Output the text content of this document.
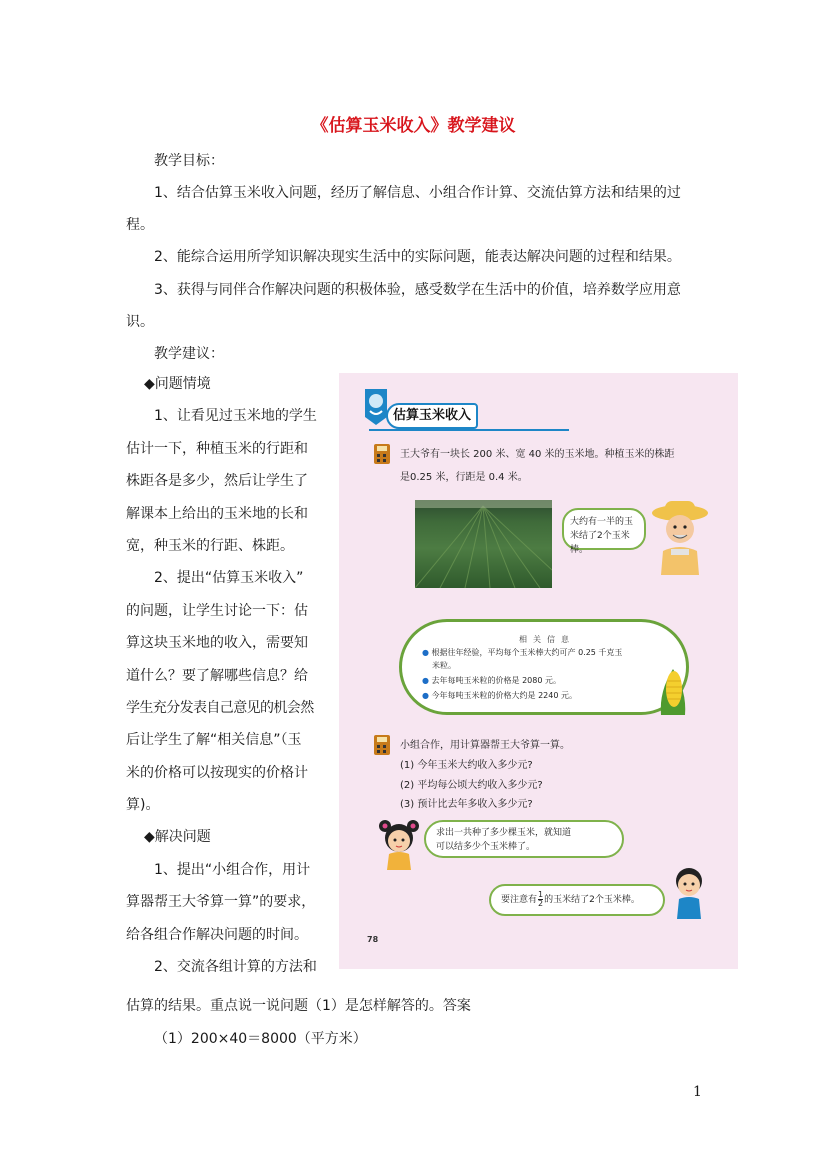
《估算玉米收入》教学建议
教学目标：
1、结合估算玉米收入问题，经历了解信息、小组合作计算、交流估算方法和结果的过
程。
2、能综合运用所学知识解决现实生活中的实际问题，能表达解决问题的过程和结果。
3、获得与同伴合作解决问题的积极体验，感受数学在生活中的价值，培养数学应用意
识。
教学建议：
◆问题情境
1、让看见过玉米地的学生
估计一下，种植玉米的行距和
株距各是多少，然后让学生了
解课本上给出的玉米地的长和
宽，种玉米的行距、株距。
2、提出“估算玉米收入”
的问题，让学生讨论一下：估
算这块玉米地的收入，需要知
道什么？要了解哪些信息？给
学生充分发表自己意见的机会然
后让学生了解“相关信息”（玉
米的价格可以按现实的价格计
算)。
◆解决问题
1、提出“小组合作，用计
算器帮王大爷算一算”的要求，
给各组合作解决问题的时间。
2、交流各组计算的方法和
估算的结果。重点说一说问题（1）是怎样解答的。答案
（1）200×40＝8000（平方米）
1
估算玉米收入
王大爷有一块长 200 米、宽 40 米的玉米地。种植玉米的株距
是0.25 米，行距是 0.4 米。
大约有一半的玉米结了2个玉米棒。
相关信息
● 根据往年经验，平均每个玉米棒大约可产 0.25 千克玉
米粒。
● 去年每吨玉米粒的价格是 2080 元。
● 今年每吨玉米粒的价格大约是 2240 元。
小组合作，用计算器帮王大爷算一算。
(1) 今年玉米大约收入多少元?
(2) 平均每公顷大约收入多少元?
(3) 预计比去年多收入多少元?
求出一共种了多少棵玉米，就知道
可以结多少个玉米棒了。
要注意有 $\frac{1}{2}$ 的玉米结了2个玉米棒。
78
